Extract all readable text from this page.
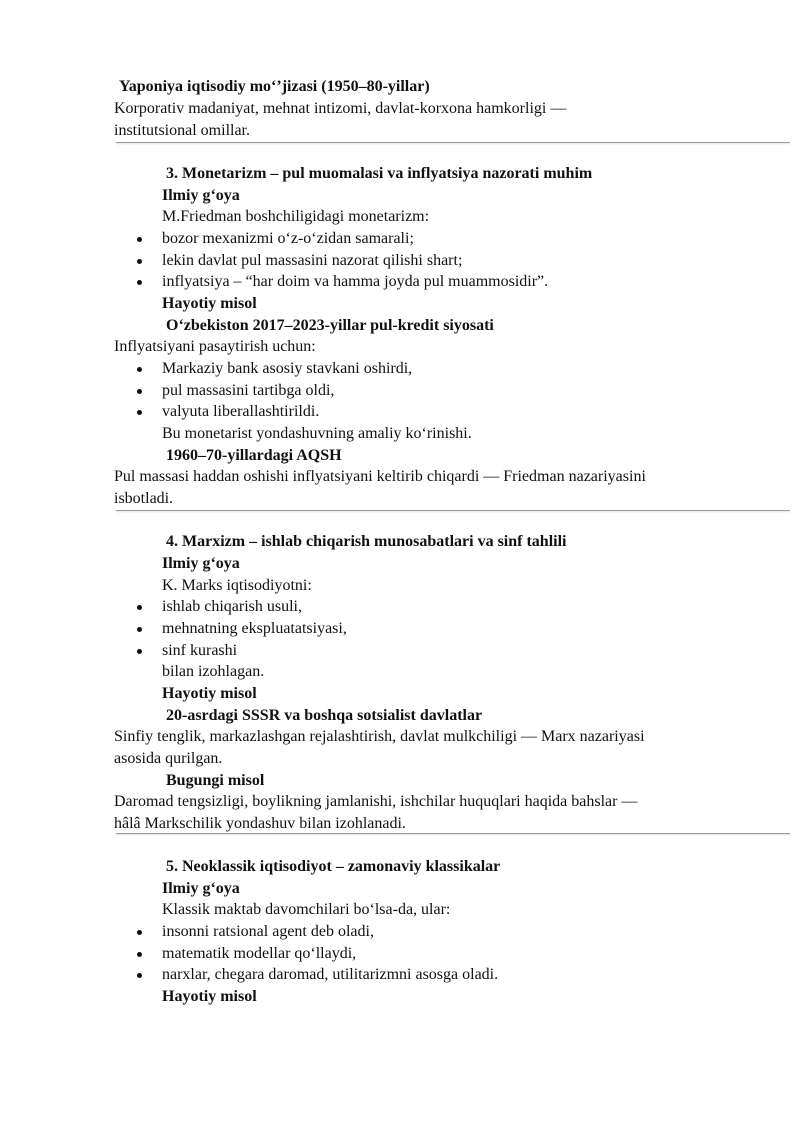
Yaponiya iqtisodiy mo‘’jizasi (1950–80-yillar)
Korporativ madaniyat, mehnat intizomi, davlat-korxona hamkorligi —
institutsional omillar.
3. Monetarizm – pul muomalasi va inflyatsiya nazorati muhim
Ilmiy g‘oya
M.Friedman boshchiligidagi monetarizm:
bozor mexanizmi o‘z-o‘zidan samarali;
lekin davlat pul massasini nazorat qilishi shart;
inflyatsiya – “har doim va hamma joyda pul muammosidir”.
Hayotiy misol
O‘zbekiston 2017–2023-yillar pul-kredit siyosati
Inflyatsiyani pasaytirish uchun:
Markaziy bank asosiy stavkani oshirdi,
pul massasini tartibga oldi,
valyuta liberallashtirildi.
Bu monetarist yondashuvning amaliy ko‘rinishi.
1960–70-yillardagi AQSH
Pul massasi haddan oshishi inflyatsiyani keltirib chiqardi — Friedman nazariyasini
isbotladi.
4. Marxizm – ishlab chiqarish munosabatlari va sinf tahlili
Ilmiy g‘oya
K. Marks iqtisodiyotni:
ishlab chiqarish usuli,
mehnatning ekspluatatsiyasi,
sinf kurashi
bilan izohlagan.
Hayotiy misol
20-asrdagi SSSR va boshqa sotsialist davlatlar
Sinfiy tenglik, markazlashgan rejalashtirish, davlat mulkchiligi — Marx nazariyasi
asosida qurilgan.
Bugungi misol
Daromad tengsizligi, boylikning jamlanishi, ishchilar huquqlari haqida bahslar —
hâlâ Markschilik yondashuv bilan izohlanadi.
5. Neoklassik iqtisodiyot – zamonaviy klassikalar
Ilmiy g‘oya
Klassik maktab davomchilari bo‘lsa-da, ular:
insonni ratsional agent deb oladi,
matematik modellar qo‘llaydi,
narxlar, chegara daromad, utilitarizmni asosga oladi.
Hayotiy misol
